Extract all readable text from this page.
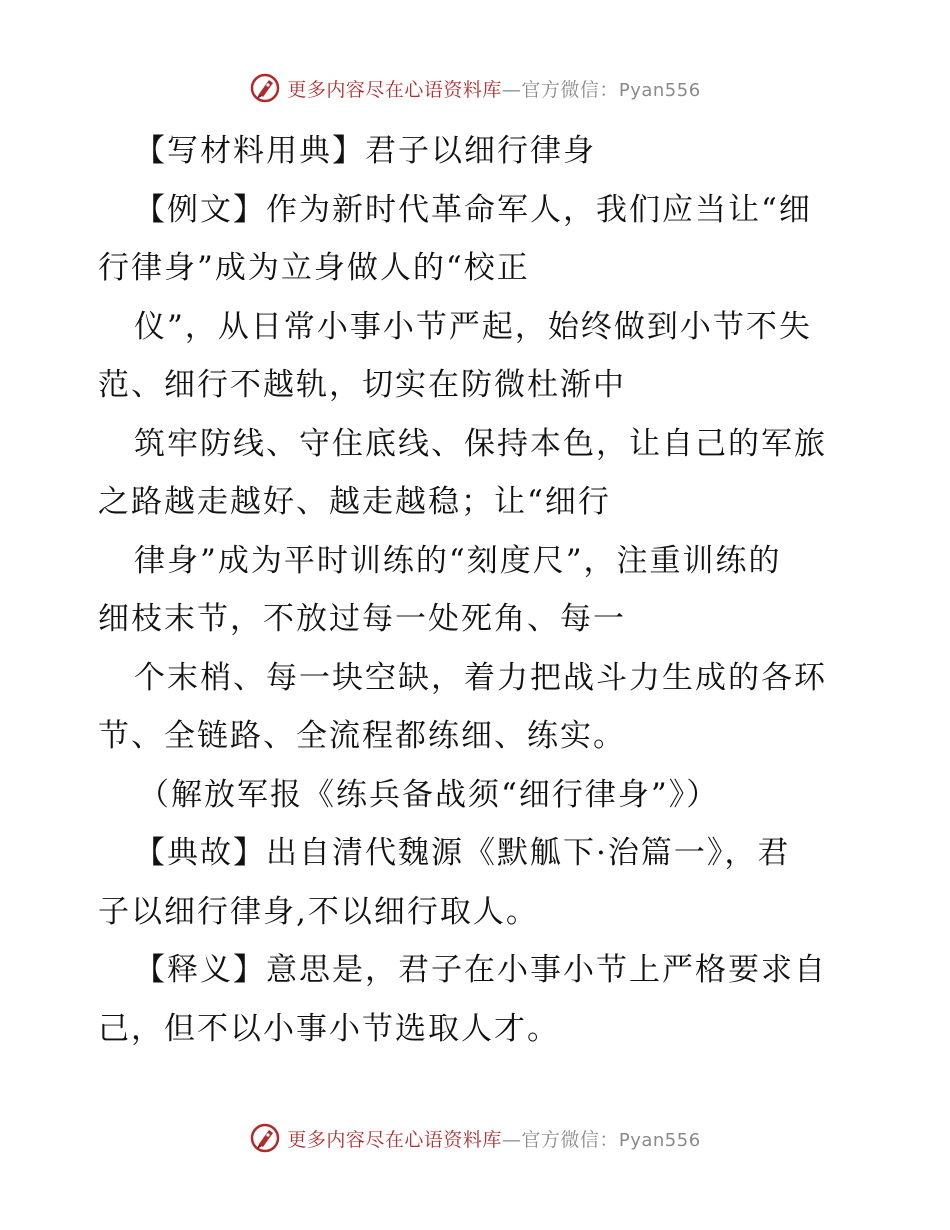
更多内容尽在心语资料库—官方微信：Pyan556
【写材料用典】君子以细行律身
【例文】作为新时代革命军人，我们应当让“细
行律身”成为立身做人的“校正
仪”，从日常小事小节严起，始终做到小节不失
范、细行不越轨，切实在防微杜渐中
筑牢防线、守住底线、保持本色，让自己的军旅
之路越走越好、越走越稳；让“细行
律身”成为平时训练的“刻度尺”，注重训练的
细枝末节，不放过每一处死角、每一
个末梢、每一块空缺，着力把战斗力生成的各环
节、全链路、全流程都练细、练实。
（解放军报《练兵备战须“细行律身”》）
【典故】出自清代魏源《默觚下·治篇一》，君
子以细行律身,不以细行取人。
【释义】意思是，君子在小事小节上严格要求自
己，但不以小事小节选取人才。
更多内容尽在心语资料库—官方微信：Pyan556
